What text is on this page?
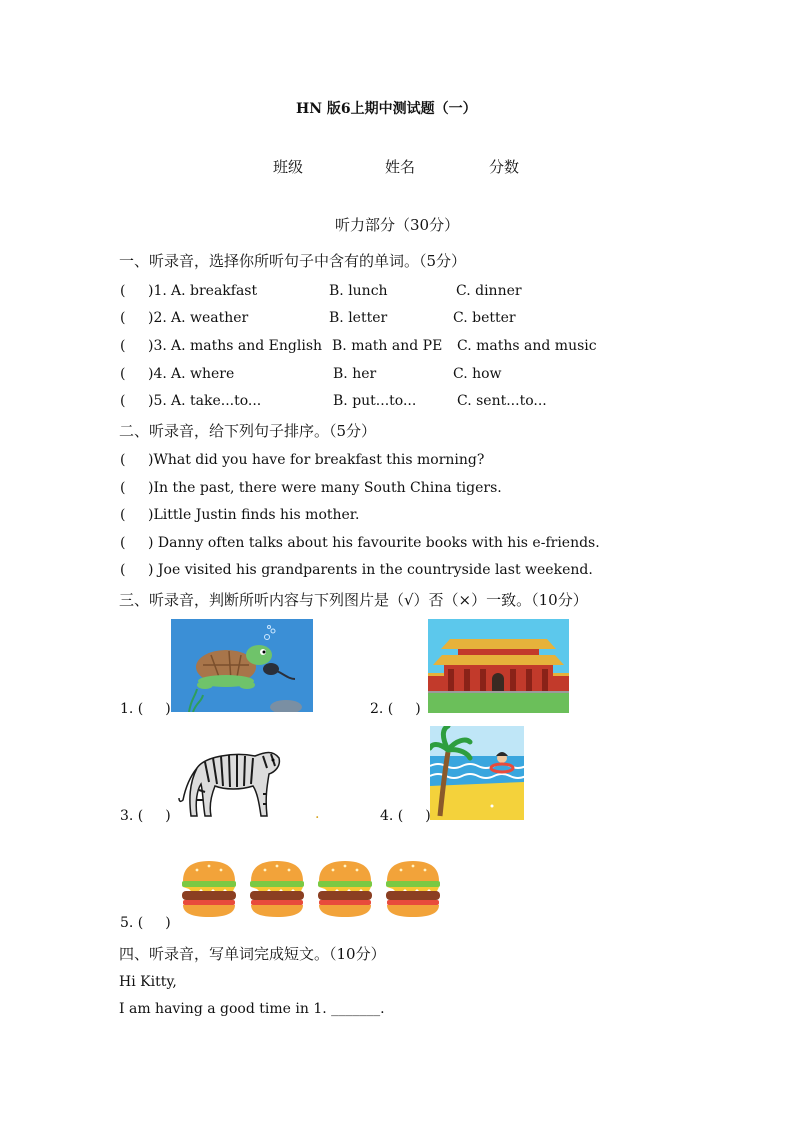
HN 版6上期中测试题（一）
班级	姓名	分数
听力部分（30分）
一、听录音，选择你所听句子中含有的单词。（5分）
( )1. A. breakfast	B. lunch	C. dinner
( )2. A. weather	B. letter	C. better
( )3. A. maths and English B. math and PE C. maths and music
( )4. A. where	B. her	C. how
( )5. A. take...to...	B. put...to...	C. sent...to...
二、听录音，给下列句子排序。（5分）
( )What did you have for breakfast this morning?
( )In the past, there were many South China tigers.
( )Little Justin finds his mother.
( ) Danny often talks about his favourite books with his e-friends.
( ) Joe visited his grandparents in the countryside last weekend.
三、听录音，判断所听内容与下列图片是（√）否（×）一致。（10分）
1. ( )	2. ( )
3. ( )	.	4. ( )
5. ( )
四、听录音，写单词完成短文。（10分）
Hi Kitty,
I am having a good time in 1. _______.
